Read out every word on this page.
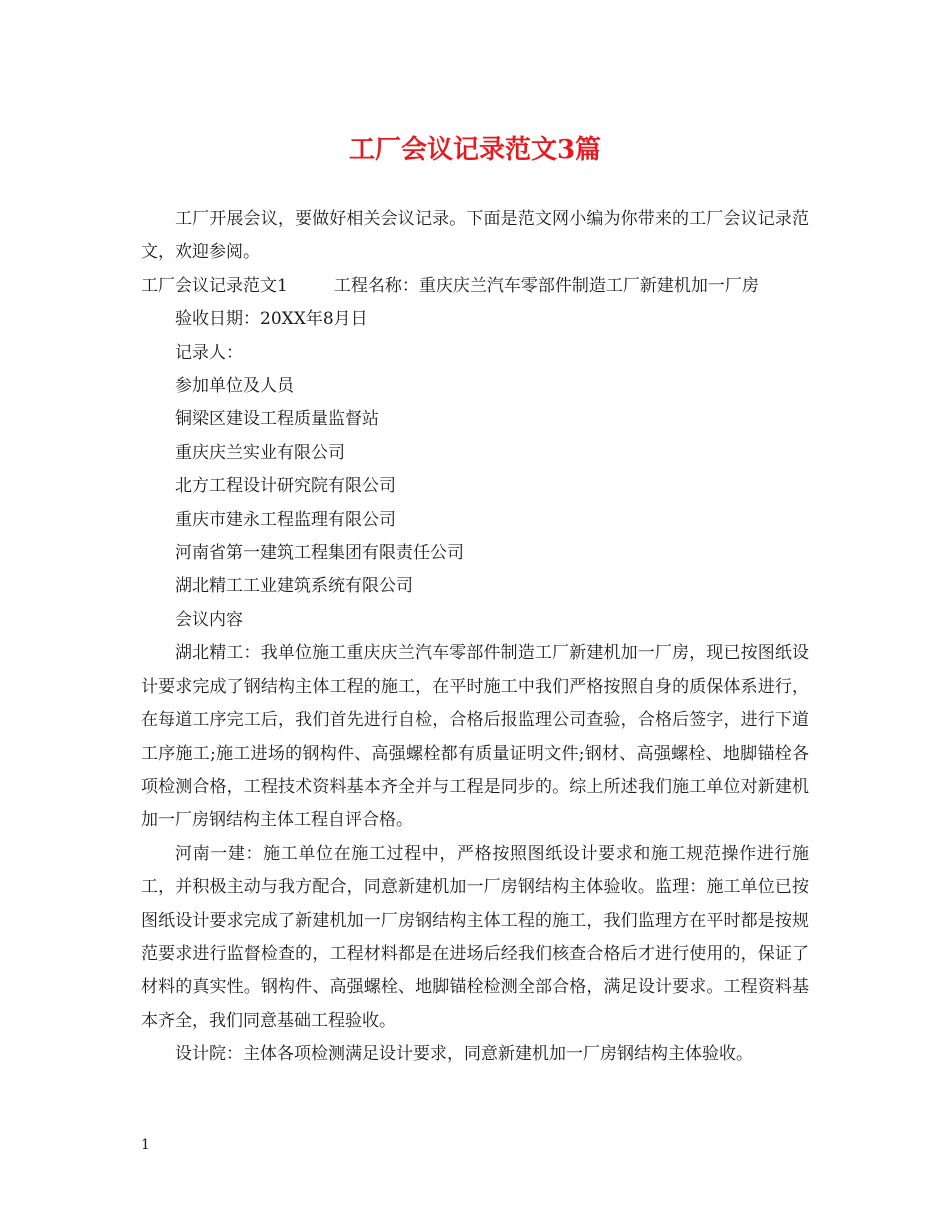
工厂会议记录范文3篇

工厂开展会议，要做好相关会议记录。下面是范文网小编为你带来的工厂会议记录范文，欢迎参阅。

工厂会议记录范文1	工程名称：重庆庆兰汽车零部件制造工厂新建机加一厂房

验收日期：20XX年8月日

记录人：

参加单位及人员

铜梁区建设工程质量监督站

重庆庆兰实业有限公司

北方工程设计研究院有限公司

重庆市建永工程监理有限公司

河南省第一建筑工程集团有限责任公司

湖北精工工业建筑系统有限公司

会议内容

湖北精工：我单位施工重庆庆兰汽车零部件制造工厂新建机加一厂房，现已按图纸设计要求完成了钢结构主体工程的施工，在平时施工中我们严格按照自身的质保体系进行，在每道工序完工后，我们首先进行自检，合格后报监理公司查验，合格后签字，进行下道工序施工;施工进场的钢构件、高强螺栓都有质量证明文件;钢材、高强螺栓、地脚锚栓各项检测合格，工程技术资料基本齐全并与工程是同步的。综上所述我们施工单位对新建机加一厂房钢结构主体工程自评合格。

河南一建：施工单位在施工过程中，严格按照图纸设计要求和施工规范操作进行施工，并积极主动与我方配合，同意新建机加一厂房钢结构主体验收。监理：施工单位已按图纸设计要求完成了新建机加一厂房钢结构主体工程的施工，我们监理方在平时都是按规范要求进行监督检查的，工程材料都是在进场后经我们核查合格后才进行使用的，保证了材料的真实性。钢构件、高强螺栓、地脚锚栓检测全部合格，满足设计要求。工程资料基本齐全，我们同意基础工程验收。

设计院：主体各项检测满足设计要求，同意新建机加一厂房钢结构主体验收。

1
